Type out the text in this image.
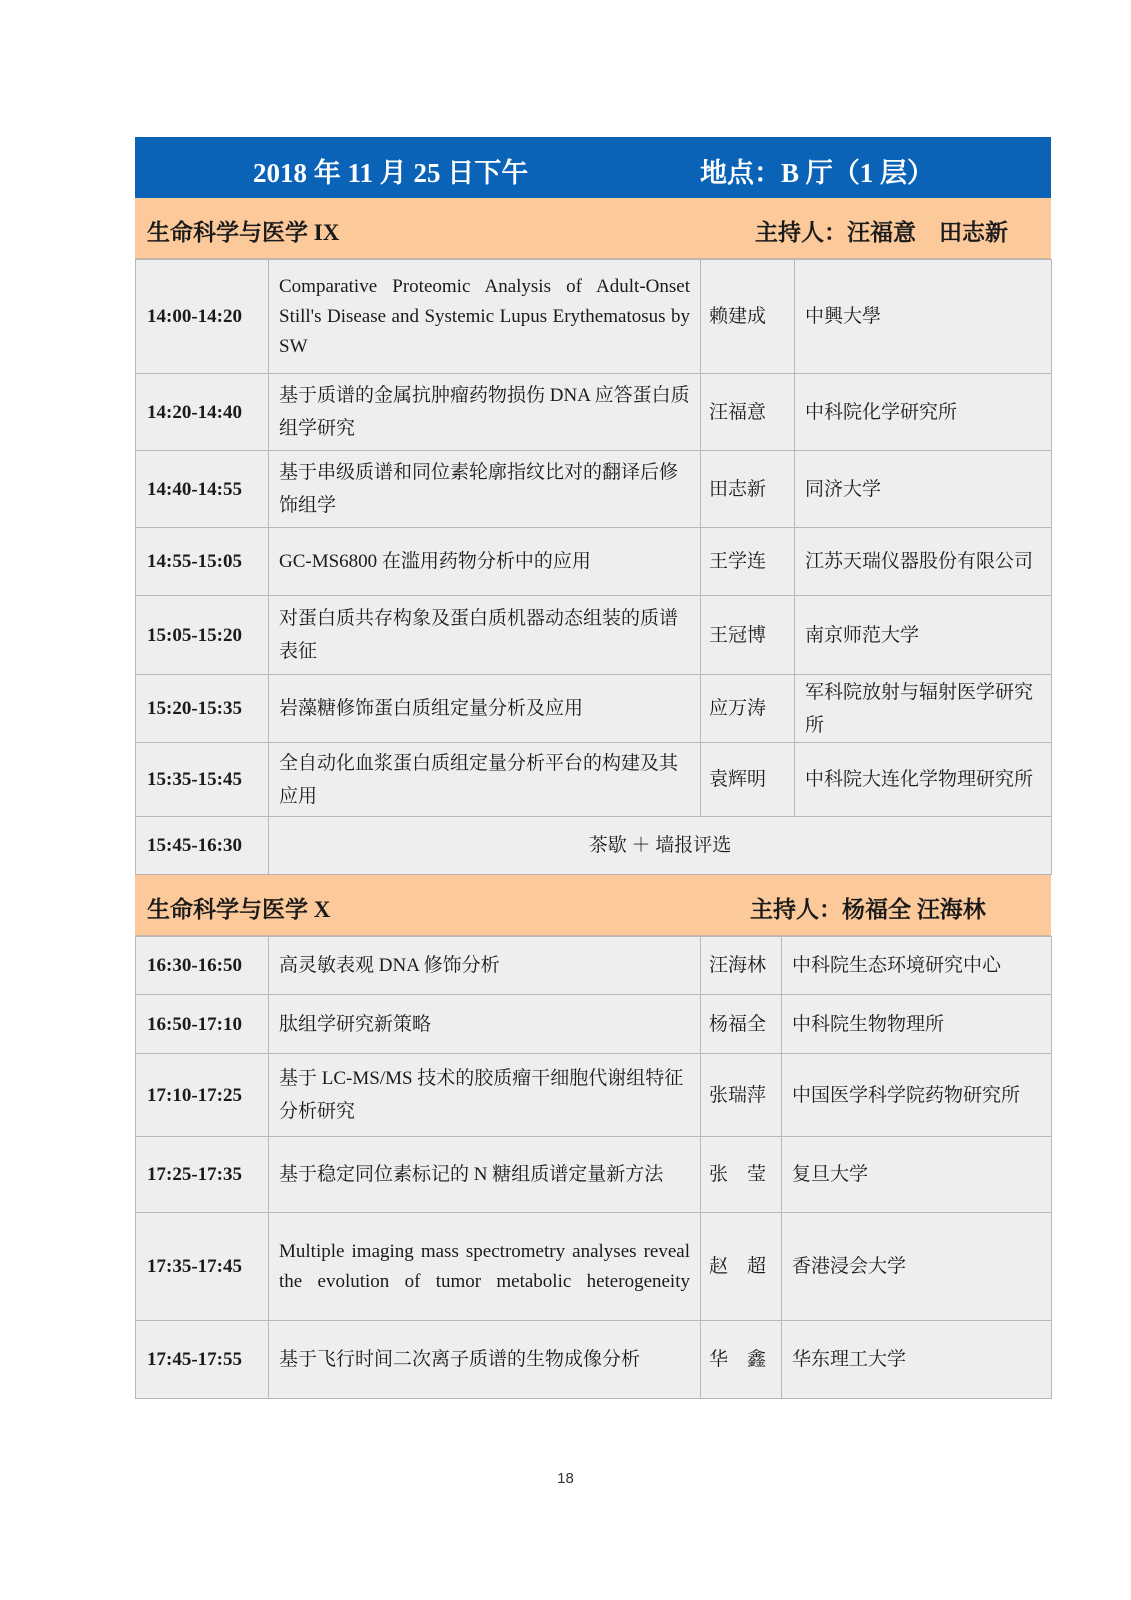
2018 年 11 月 25 日下午	地点：B 厅（1 层）
生命科学与医学 IX	主持人：汪福意　田志新
14:00-14:20	Comparative Proteomic Analysis of Adult-Onset Still's Disease and Systemic Lupus Erythematosus by SW	赖建成	中興大學
14:20-14:40	基于质谱的金属抗肿瘤药物损伤 DNA 应答蛋白质组学研究	汪福意	中科院化学研究所
14:40-14:55	基于串级质谱和同位素轮廓指纹比对的翻译后修饰组学	田志新	同济大学
14:55-15:05	GC-MS6800 在滥用药物分析中的应用	王学连	江苏天瑞仪器股份有限公司
15:05-15:20	对蛋白质共存构象及蛋白质机器动态组装的质谱表征	王冠博	南京师范大学
15:20-15:35	岩藻糖修饰蛋白质组定量分析及应用	应万涛	军科院放射与辐射医学研究所
15:35-15:45	全自动化血浆蛋白质组定量分析平台的构建及其应用	袁辉明	中科院大连化学物理研究所
15:45-16:30	茶歇 ＋ 墙报评选		
生命科学与医学 X	主持人：杨福全 汪海林
16:30-16:50	高灵敏表观 DNA 修饰分析	汪海林	中科院生态环境研究中心
16:50-17:10	肽组学研究新策略	杨福全	中科院生物物理所
17:10-17:25	基于 LC-MS/MS 技术的胶质瘤干细胞代谢组特征分析研究	张瑞萍	中国医学科学院药物研究所
17:25-17:35	基于稳定同位素标记的 N 糖组质谱定量新方法	张　莹	复旦大学
17:35-17:45	Multiple imaging mass spectrometry analyses reveal the evolution of tumor metabolic heterogeneity	赵　超	香港浸会大学
17:45-17:55	基于飞行时间二次离子质谱的生物成像分析	华　鑫	华东理工大学
18
